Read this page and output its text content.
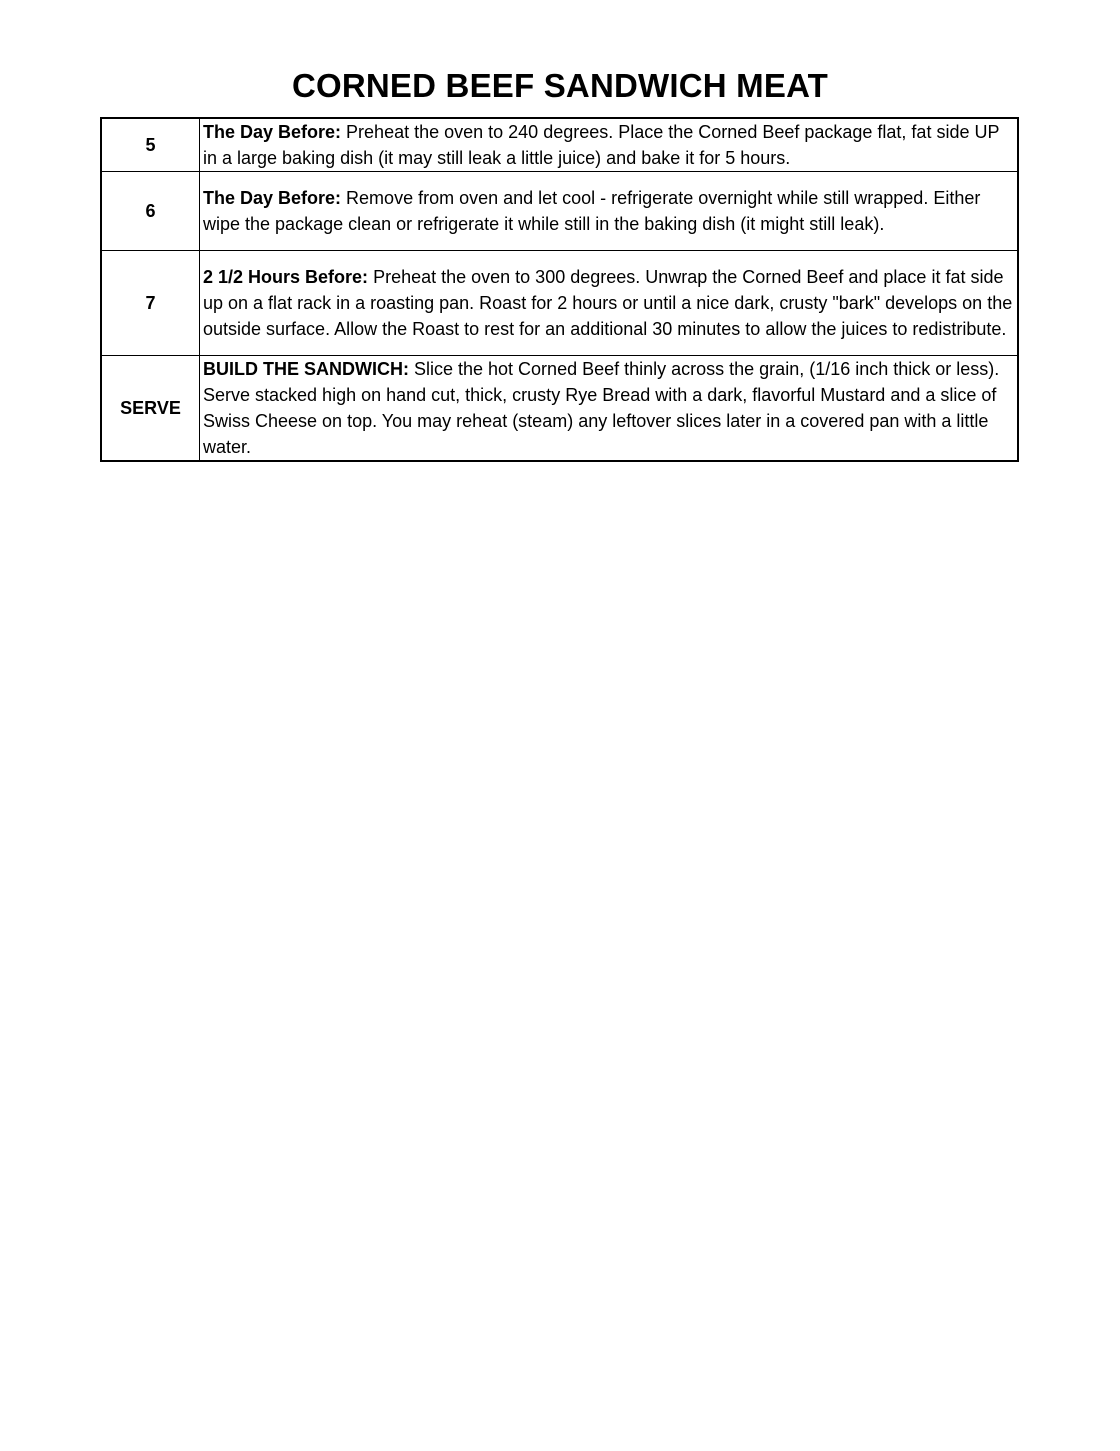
CORNED BEEF SANDWICH MEAT
5	The Day Before: Preheat the oven to 240 degrees. Place the Corned Beef package flat, fat side UP in a large baking dish (it may still leak a little juice) and bake it for 5 hours.
6	The Day Before: Remove from oven and let cool - refrigerate overnight while still wrapped. Either wipe the package clean or refrigerate it while still in the baking dish (it might still leak).
7	2 1/2 Hours Before: Preheat the oven to 300 degrees. Unwrap the Corned Beef and place it fat side up on a flat rack in a roasting pan. Roast for 2 hours or until a nice dark, crusty "bark" develops on the outside surface. Allow the Roast to rest for an additional 30 minutes to allow the juices to redistribute.
SERVE	BUILD THE SANDWICH: Slice the hot Corned Beef thinly across the grain, (1/16 inch thick or less). Serve stacked high on hand cut, thick, crusty Rye Bread with a dark, flavorful Mustard and a slice of Swiss Cheese on top. You may reheat (steam) any leftover slices later in a covered pan with a little water.
